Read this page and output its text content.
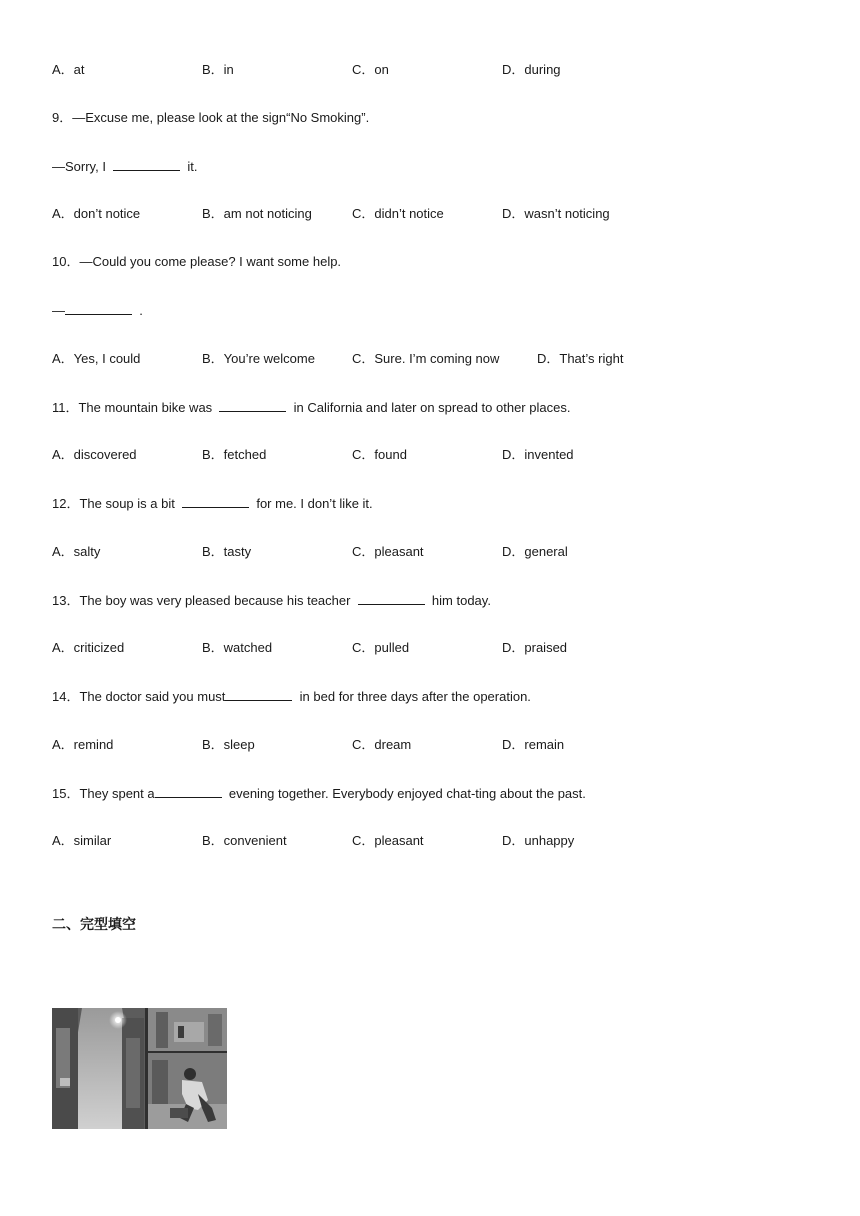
A．at	B．in	C．on	D．during
9．—Excuse me, please look at the sign“No Smoking”.
—Sorry, I	it.
A．don’t notice	B．am not noticing	C．didn’t notice	D．wasn’t noticing
10．—Could you come please? I want some help.
—	.
A．Yes, I could	B．You’re welcome	C．Sure. I’m coming now	D．That’s right
11．The mountain bike was	in California and later on spread to other places.
A．discovered	B．fetched	C．found	D．invented
12．The soup is a bit	for me. I don’t like it.
A．salty	B．tasty	C．pleasant	D．general
13．The boy was very pleased because his teacher	him today.
A．criticized	B．watched	C．pulled	D．praised
14．The doctor said you must	in bed for three days after the operation.
A．remind	B．sleep	C．dream	D．remain
15．They spent a	evening together. Everybody enjoyed chat-ting about the past.
A．similar	B．convenient	C．pleasant	D．unhappy
二、完型填空
